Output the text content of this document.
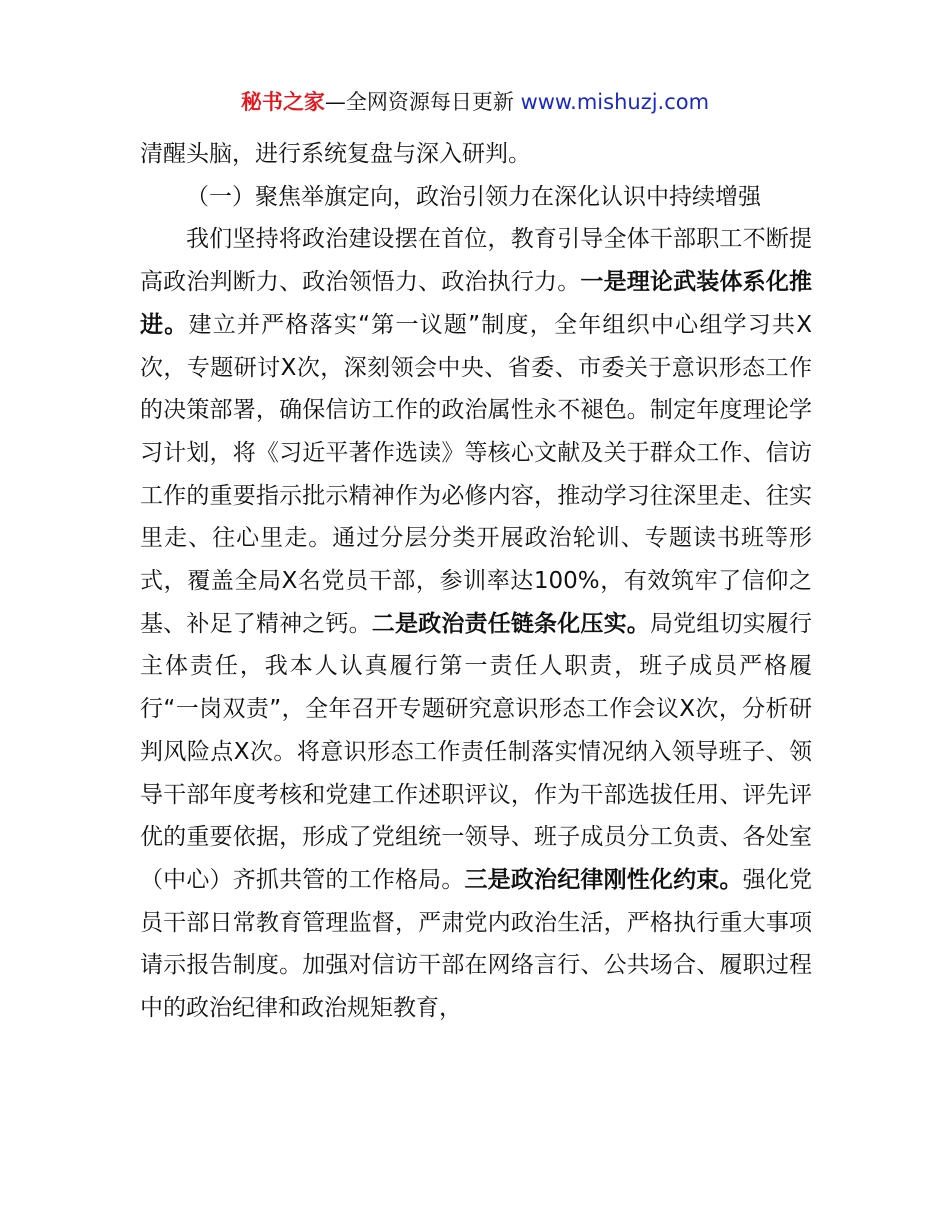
秘书之家—全网资源每日更新 www.mishuzj.com

清醒头脑，进行系统复盘与深入研判。

（一）聚焦举旗定向，政治引领力在深化认识中持续增强

我们坚持将政治建设摆在首位，教育引导全体干部职工不断提高政治判断力、政治领悟力、政治执行力。一是理论武装体系化推进。建立并严格落实“第一议题”制度，全年组织中心组学习共X次，专题研讨X次，深刻领会中央、省委、市委关于意识形态工作的决策部署，确保信访工作的政治属性永不褪色。制定年度理论学习计划，将《习近平著作选读》等核心文献及关于群众工作、信访工作的重要指示批示精神作为必修内容，推动学习往深里走、往实里走、往心里走。通过分层分类开展政治轮训、专题读书班等形式，覆盖全局X名党员干部，参训率达100%，有效筑牢了信仰之基、补足了精神之钙。二是政治责任链条化压实。局党组切实履行主体责任，我本人认真履行第一责任人职责，班子成员严格履行“一岗双责”，全年召开专题研究意识形态工作会议X次，分析研判风险点X次。将意识形态工作责任制落实情况纳入领导班子、领导干部年度考核和党建工作述职评议，作为干部选拔任用、评先评优的重要依据，形成了党组统一领导、班子成员分工负责、各处室（中心）齐抓共管的工作格局。三是政治纪律刚性化约束。强化党员干部日常教育管理监督，严肃党内政治生活，严格执行重大事项请示报告制度。加强对信访干部在网络言行、公共场合、履职过程中的政治纪律和政治规矩教育，
